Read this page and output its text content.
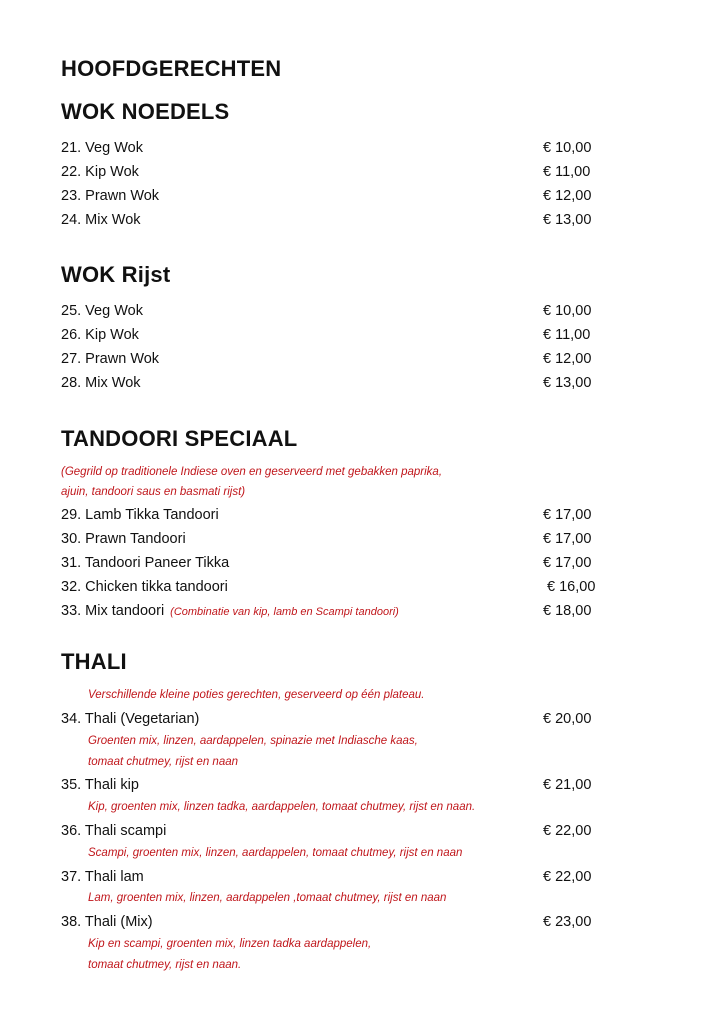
HOOFDGERECHTEN
WOK NOEDELS
21. Veg Wok	€ 10,00
22. Kip Wok	€ 11,00
23. Prawn Wok	€ 12,00
24. Mix Wok	€ 13,00
WOK Rijst
25. Veg Wok	€ 10,00
26. Kip Wok	€ 11,00
27. Prawn Wok	€ 12,00
28. Mix Wok	€ 13,00
TANDOORI SPECIAAL
(Gegrild op traditionele Indiese oven en geserveerd met gebakken paprika,
ajuin, tandoori saus en basmati rijst)
29. Lamb Tikka Tandoori	€ 17,00
30. Prawn Tandoori	€ 17,00
31. Tandoori Paneer Tikka	€ 17,00
32. Chicken tikka tandoori	€ 16,00
33. Mix tandoori (Combinatie van kip, lamb en Scampi tandoori)	€ 18,00
THALI
Verschillende kleine poties gerechten, geserveerd op één plateau.
34. Thali (Vegetarian)	€ 20,00
Groenten mix, linzen, aardappelen, spinazie met Indiasche kaas,
tomaat chutmey, rijst en naan
35. Thali kip	€ 21,00
Kip, groenten mix, linzen tadka, aardappelen, tomaat chutmey, rijst en naan.
36. Thali scampi	€ 22,00
Scampi, groenten mix, linzen, aardappelen, tomaat chutmey, rijst en naan
37. Thali lam	€ 22,00
Lam, groenten mix, linzen, aardappelen ,tomaat chutmey, rijst en naan
38. Thali (Mix)	€ 23,00
Kip en scampi, groenten mix, linzen tadka aardappelen,
tomaat chutmey, rijst en naan.
